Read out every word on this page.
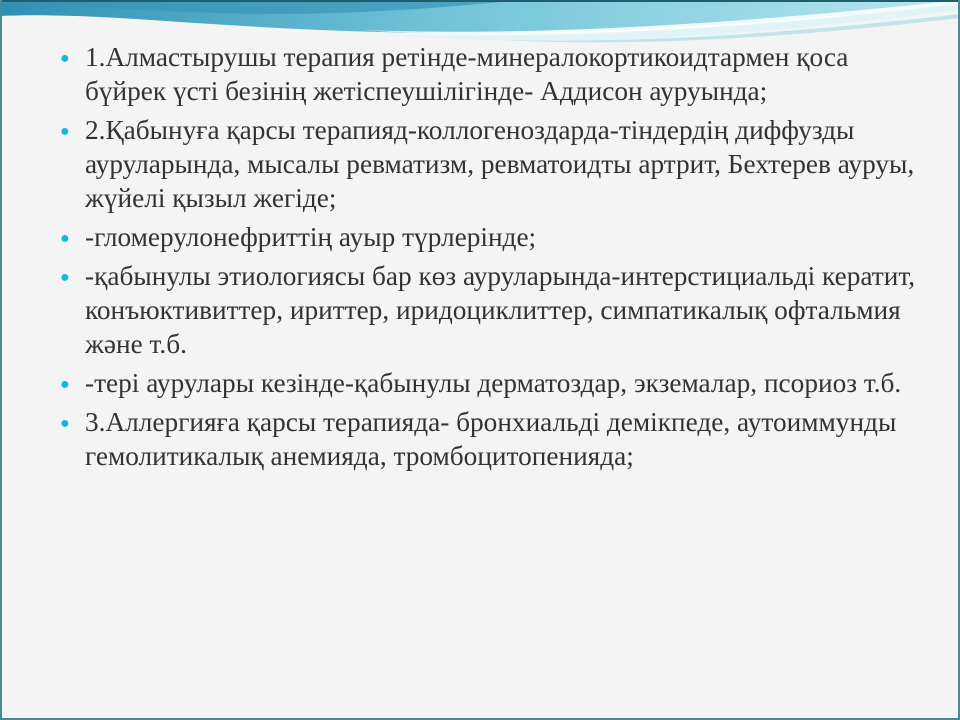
● 1.Алмастырушы терапия ретінде-минералокортикоидтармен қоса бүйрек үсті безінің жетіспеушілігінде- Аддисон ауруында;
● 2.Қабынуға қарсы терапияд-коллогеноздарда-тіндердің диффузды ауруларында, мысалы ревматизм, ревматоидты артрит, Бехтерев ауруы, жүйелі қызыл жегіде;
● -гломерулонефриттің ауыр түрлерінде;
● -қабынулы этиологиясы бар көз ауруларында-интерстициальді кератит, конъюктивиттер, ириттер, иридоциклиттер, симпатикалық офтальмия және т.б.
● -тері аурулары кезінде-қабынулы дерматоздар, экземалар, псориоз т.б.
● 3.Аллергияға қарсы терапияда- бронхиальді демікпеде, аутоиммунды гемолитикалық анемияда, тромбоцитопенияда;
